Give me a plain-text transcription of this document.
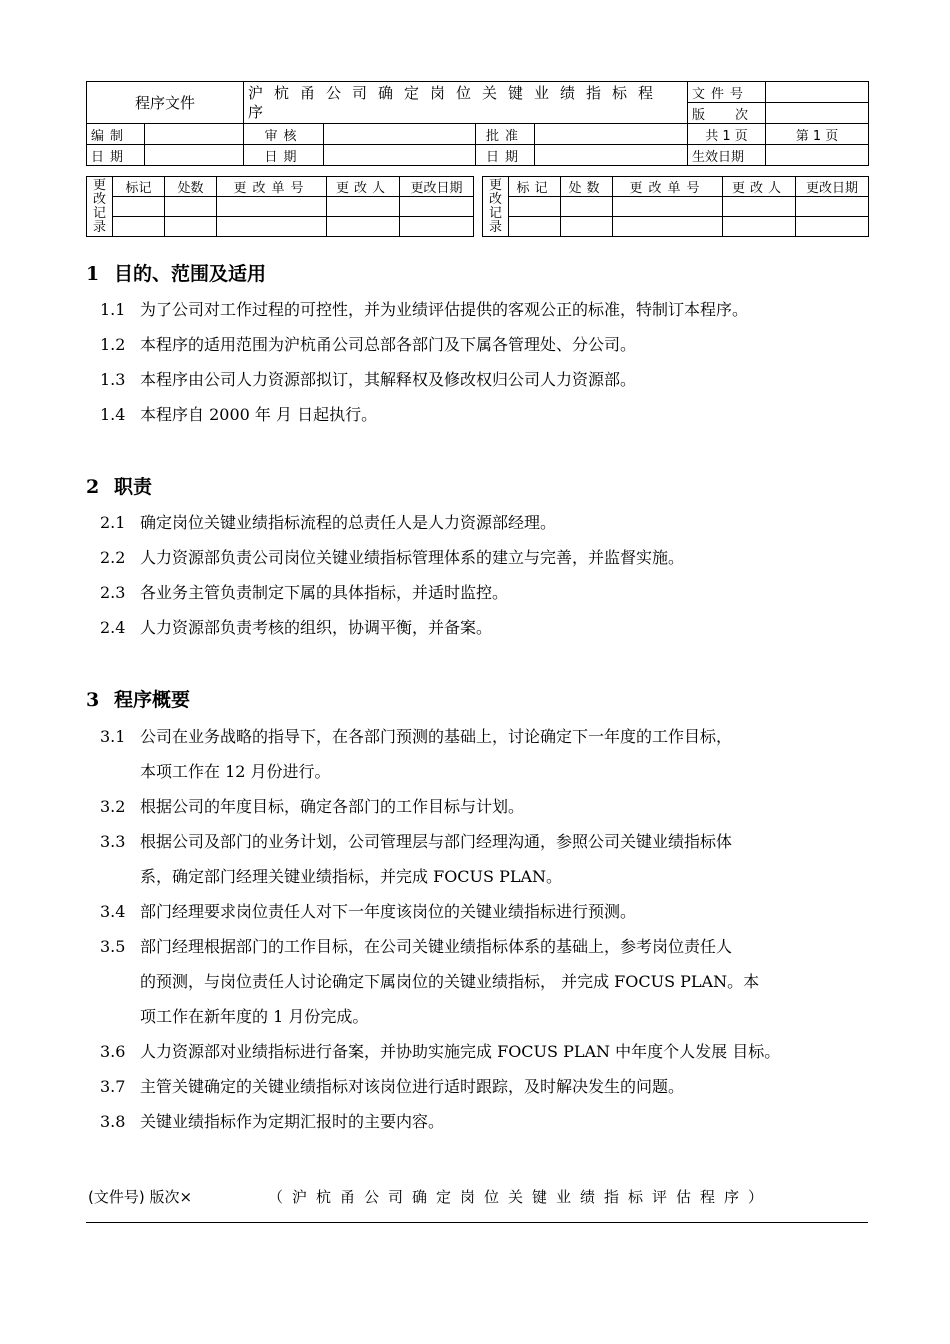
程序文件		沪杭甬公司确定岗位关键业绩指标程序				文件号	
						版次	
编制		审核		批准		共 1 页	第 1 页
日期		日期		日期		生效日期	
更改记录	标记	处数	更改单号	更改人	更改日期

				更改记录	标记	处数	更改单号	更改人	更改日期

1 目的、范围及适用
1.1 为了公司对工作过程的可控性，并为业绩评估提供的客观公正的标准，特制订本程序。
1.2 本程序的适用范围为沪杭甬公司总部各部门及下属各管理处、分公司。
1.3 本程序由公司人力资源部拟订，其解释权及修改权归公司人力资源部。
1.4 本程序自 2000 年 月 日起执行。
2 职责
2.1 确定岗位关键业绩指标流程的总责任人是人力资源部经理。
2.2 人力资源部负责公司岗位关键业绩指标管理体系的建立与完善，并监督实施。
2.3 各业务主管负责制定下属的具体指标，并适时监控。
2.4 人力资源部负责考核的组织，协调平衡，并备案。
3 程序概要
3.1 公司在业务战略的指导下，在各部门预测的基础上，讨论确定下一年度的工作目标，
本项工作在 12 月份进行。
3.2 根据公司的年度目标，确定各部门的工作目标与计划。
3.3 根据公司及部门的业务计划，公司管理层与部门经理沟通，参照公司关键业绩指标体
系，确定部门经理关键业绩指标，并完成 FOCUS PLAN。
3.4 部门经理要求岗位责任人对下一年度该岗位的关键业绩指标进行预测。
3.5 部门经理根据部门的工作目标，在公司关键业绩指标体系的基础上，参考岗位责任人
的预测，与岗位责任人讨论确定下属岗位的关键业绩指标， 并完成 FOCUS PLAN。本
项工作在新年度的 1 月份完成。
3.6 人力资源部对业绩指标进行备案，并协助实施完成 FOCUS PLAN 中年度个人发展 目标。
3.7 主管关键确定的关键业绩指标对该岗位进行适时跟踪，及时解决发生的问题。
3.8 关键业绩指标作为定期汇报时的主要内容。
(文件号) 版次×	（沪杭甬公司确定岗位关键业绩指标评估程序）
